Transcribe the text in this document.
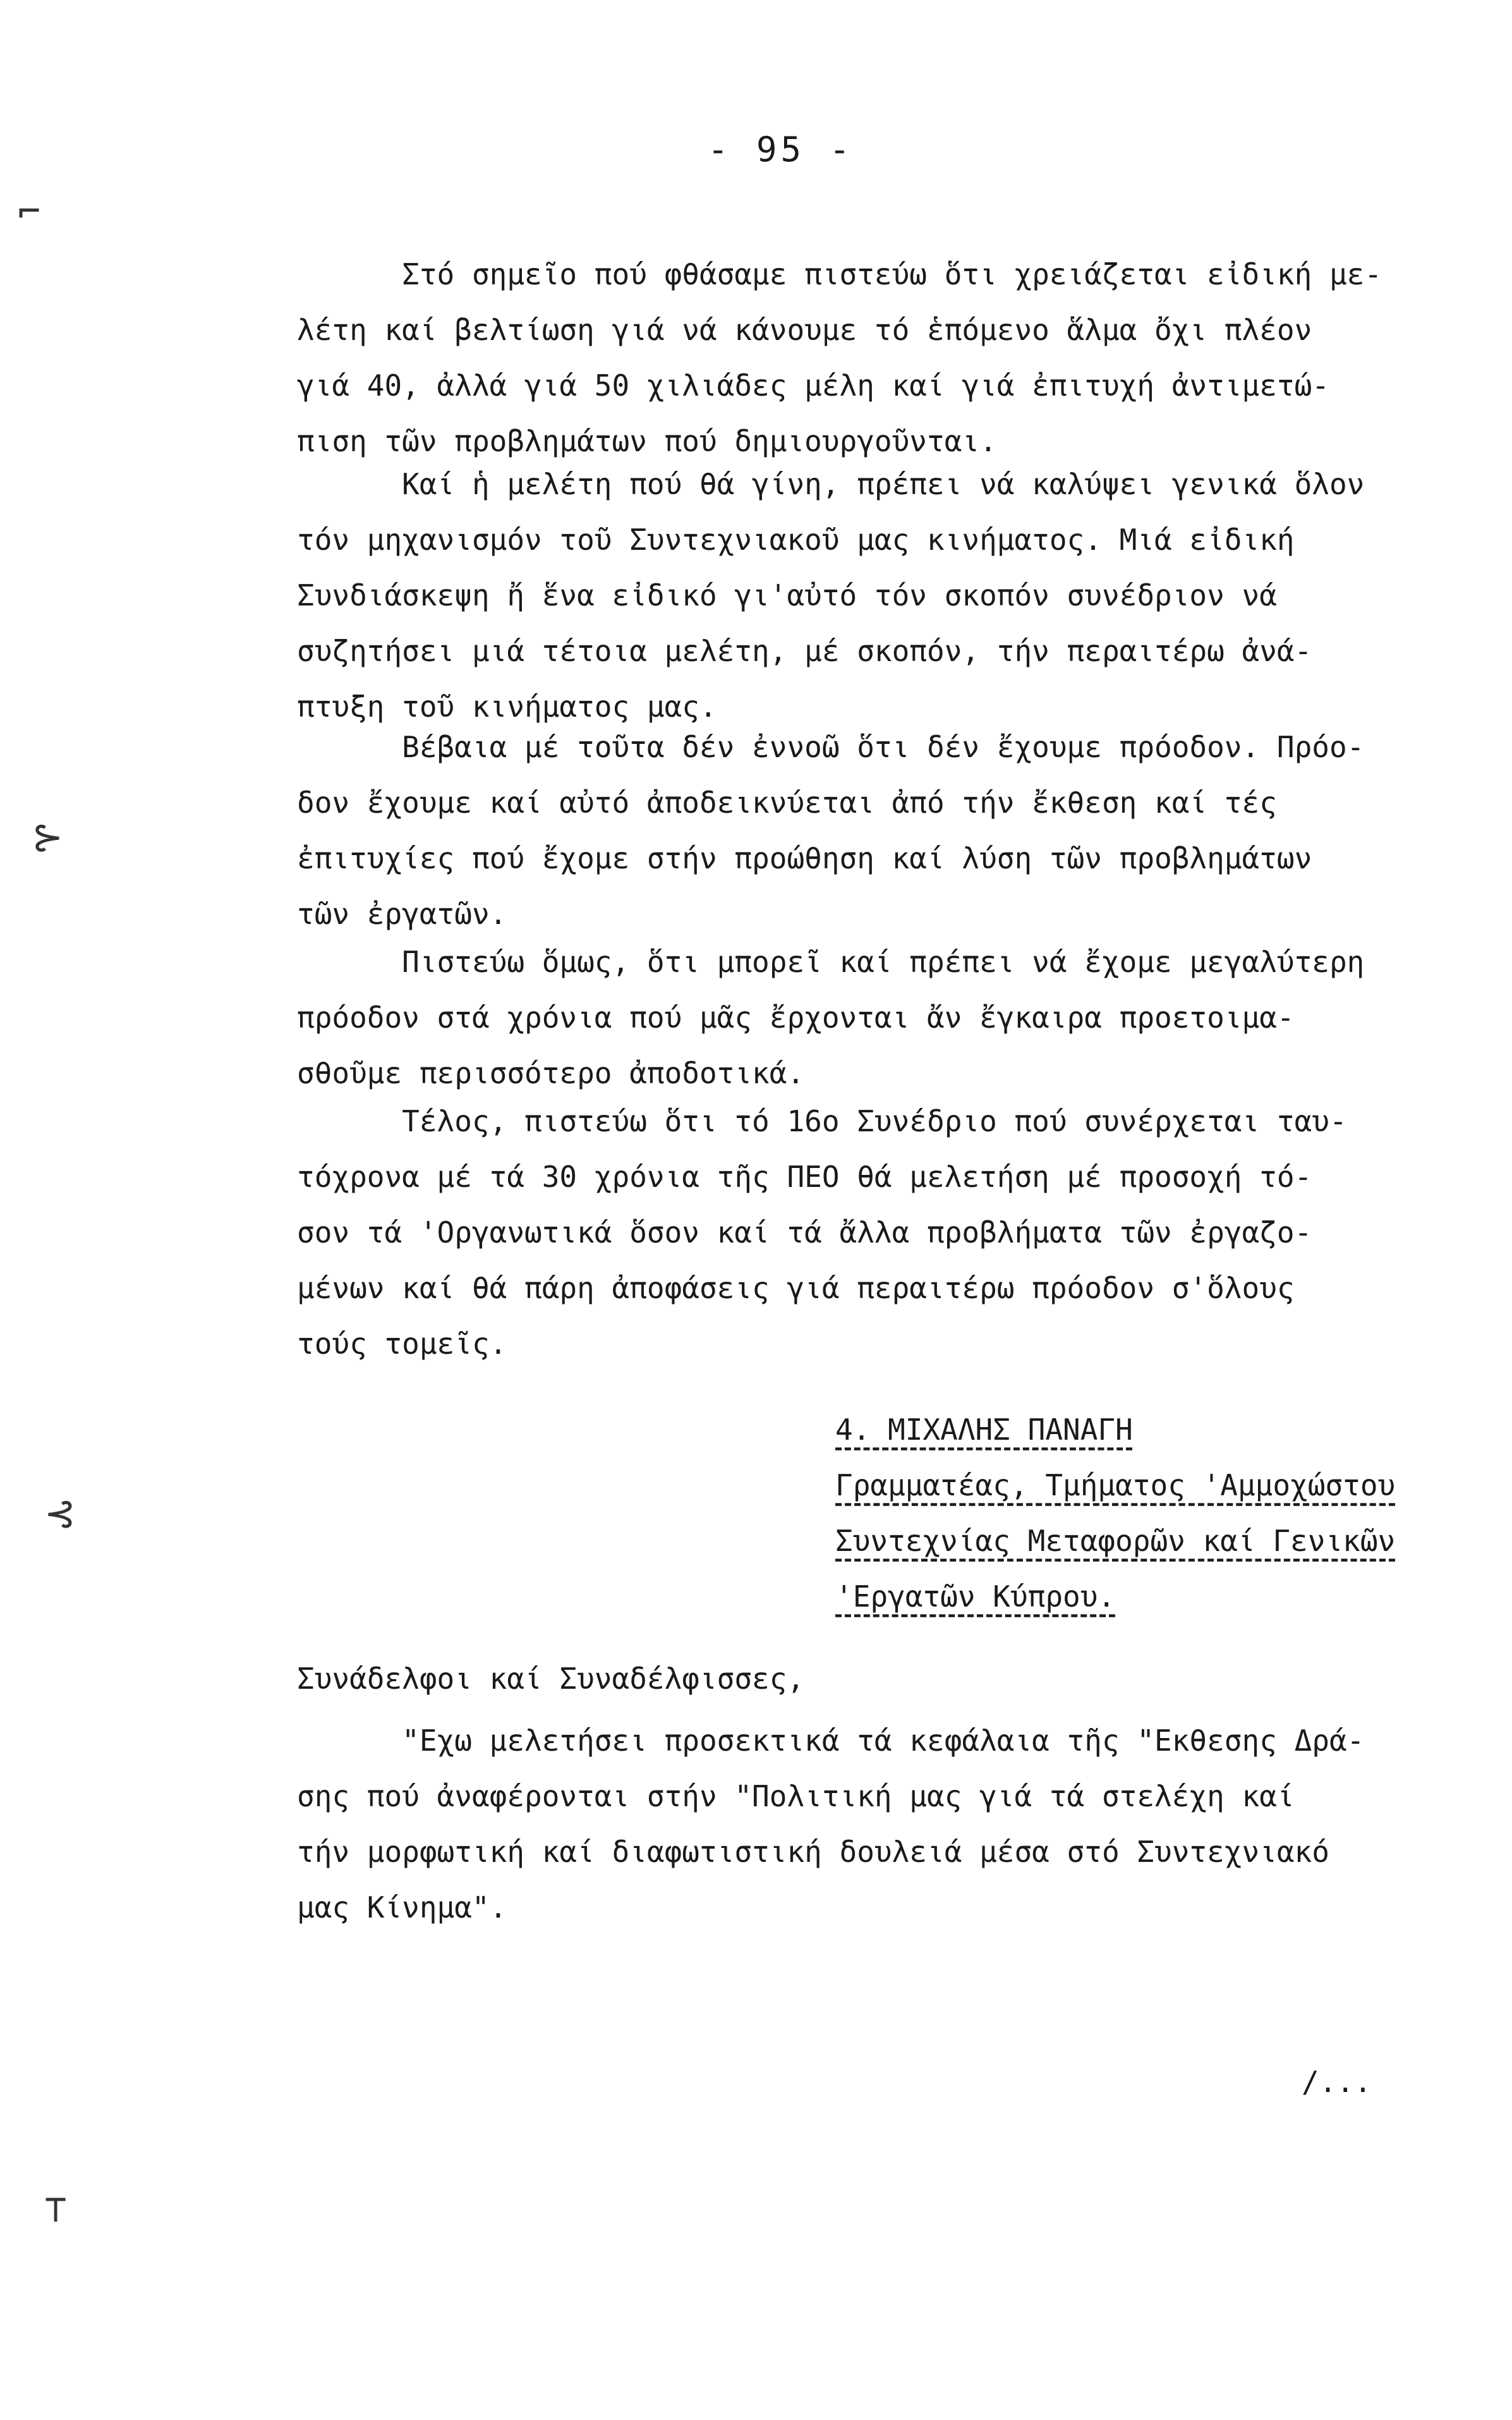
- 95 -
Στό σημεῖο πού φθάσαμε πιστεύω ὅτι χρειάζεται εἰδική με-
λέτη καί βελτίωση γιά νά κάνουμε τό ἑπόμενο ἅλμα ὄχι πλέον
γιά 40, ἀλλά γιά 50 χιλιάδες μέλη καί γιά ἐπιτυχή ἀντιμετώ-
πιση τῶν προβλημάτων πού δημιουργοῦνται.
Καί ἡ μελέτη πού θά γίνη, πρέπει νά καλύψει γενικά ὅλον
τόν μηχανισμόν τοῦ Συντεχνιακοῦ μας κινήματος. Μιά εἰδική
Συνδιάσκεψη ἤ ἕνα εἰδικό γι'αὐτό τόν σκοπόν συνέδριον νά
συζητήσει μιά τέτοια μελέτη, μέ σκοπόν, τήν περαιτέρω ἀνά-
πτυξη τοῦ κινήματος μας.
Βέβαια μέ τοῦτα δέν ἐννοῶ ὅτι δέν ἔχουμε πρόοδον. Πρόο-
δον ἔχουμε καί αὐτό ἀποδεικνύεται ἀπό τήν ἔκθεση καί τές
ἐπιτυχίες πού ἔχομε στήν προώθηση καί λύση τῶν προβλημάτων
τῶν ἐργατῶν.
Πιστεύω ὅμως, ὅτι μπορεῖ καί πρέπει νά ἔχομε μεγαλύτερη
πρόοδον στά χρόνια πού μᾶς ἔρχονται ἄν ἔγκαιρα προετοιμα-
σθοῦμε περισσότερο ἀποδοτικά.
Τέλος, πιστεύω ὅτι τό 16ο Συνέδριο πού συνέρχεται ταυ-
τόχρονα μέ τά 30 χρόνια τῆς ΠΕΟ θά μελετήση μέ προσοχή τό-
σον τά 'Οργανωτικά ὅσον καί τά ἄλλα προβλήματα τῶν ἐργαζο-
μένων καί θά πάρη ἀποφάσεις γιά περαιτέρω πρόοδον σ'ὅλους
τούς τομεῖς.
4. ΜΙΧΑΛΗΣ ΠΑΝΑΓΗ
Γραμματέας, Τμήματος 'Αμμοχώστου
Συντεχνίας Μεταφορῶν καί Γενικῶν
'Εργατῶν Κύπρου.
Συνάδελφοι καί Συναδέλφισσες,
"Εχω μελετήσει προσεκτικά τά κεφάλαια τῆς "Εκθεσης Δρά-
σης πού ἀναφέρονται στήν "Πολιτική μας γιά τά στελέχη καί
τήν μορφωτική καί διαφωτιστική δουλειά μέσα στό Συντεχνιακό
μας Κίνημα".
/...
⌐
⊱
⊰
⊤
